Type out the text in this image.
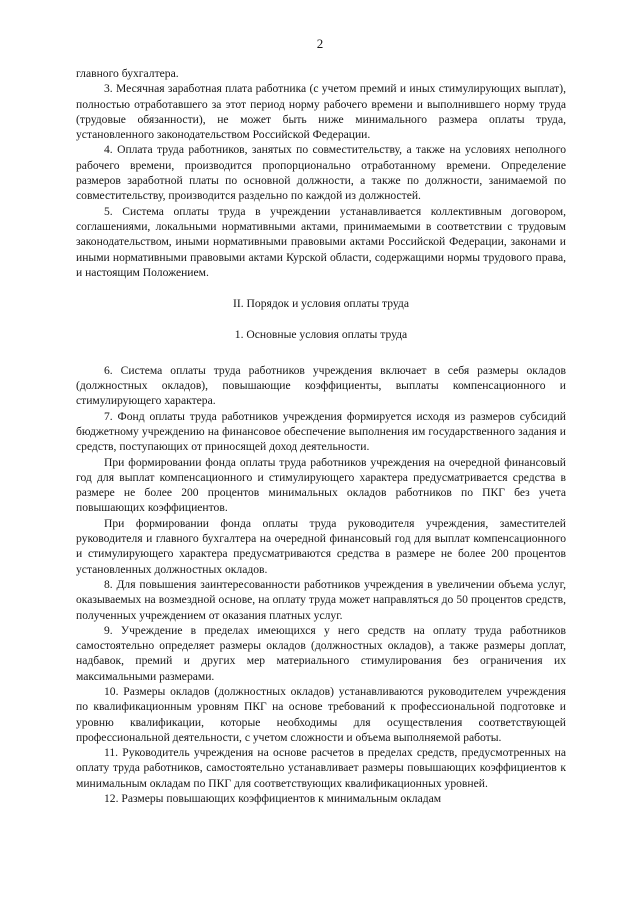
2

главного бухгалтера.

3. Месячная заработная плата работника (с учетом премий и иных стимулирующих выплат), полностью отработавшего за этот период норму рабочего времени и выполнившего норму труда (трудовые обязанности), не может быть ниже минимального размера оплаты труда, установленного законодательством Российской Федерации.

4. Оплата труда работников, занятых по совместительству, а также на условиях неполного рабочего времени, производится пропорционально отработанному времени. Определение размеров заработной платы по основной должности, а также по должности, занимаемой по совместительству, производится раздельно по каждой из должностей.

5. Система оплаты труда в учреждении устанавливается коллективным договором, соглашениями, локальными нормативными актами, принимаемыми в соответствии с трудовым законодательством, иными нормативными правовыми актами Российской Федерации, законами и иными нормативными правовыми актами Курской области, содержащими нормы трудового права, и настоящим Положением.

II. Порядок и условия оплаты труда

1. Основные условия оплаты труда

6. Система оплаты труда работников учреждения включает в себя размеры окладов (должностных окладов), повышающие коэффициенты, выплаты компенсационного и стимулирующего характера.

7. Фонд оплаты труда работников учреждения формируется исходя из размеров субсидий бюджетному учреждению на финансовое обеспечение выполнения им государственного задания и средств, поступающих от приносящей доход деятельности.

При формировании фонда оплаты труда работников учреждения на очередной финансовый год для выплат компенсационного и стимулирующего характера предусматривается средства в размере не более 200 процентов минимальных окладов работников по ПКГ без учета повышающих коэффициентов.

При формировании фонда оплаты труда руководителя учреждения, заместителей руководителя и главного бухгалтера на очередной финансовый год для выплат компенсационного и стимулирующего характера предусматриваются средства в размере не более 200 процентов установленных должностных окладов.

8. Для повышения заинтересованности работников учреждения в увеличении объема услуг, оказываемых на возмездной основе, на оплату труда может направляться до 50 процентов средств, полученных учреждением от оказания платных услуг.

9. Учреждение в пределах имеющихся у него средств на оплату труда работников самостоятельно определяет размеры окладов (должностных окладов), а также размеры доплат, надбавок, премий и других мер материального стимулирования без ограничения их максимальными размерами.

10. Размеры окладов (должностных окладов) устанавливаются руководителем учреждения по квалификационным уровням ПКГ на основе требований к профессиональной подготовке и уровню квалификации, которые необходимы для осуществления соответствующей профессиональной деятельности, с учетом сложности и объема выполняемой работы.

11. Руководитель учреждения на основе расчетов в пределах средств, предусмотренных на оплату труда работников, самостоятельно устанавливает размеры повышающих коэффициентов к минимальным окладам по ПКГ для соответствующих квалификационных уровней.

12. Размеры повышающих коэффициентов к минимальным окладам
